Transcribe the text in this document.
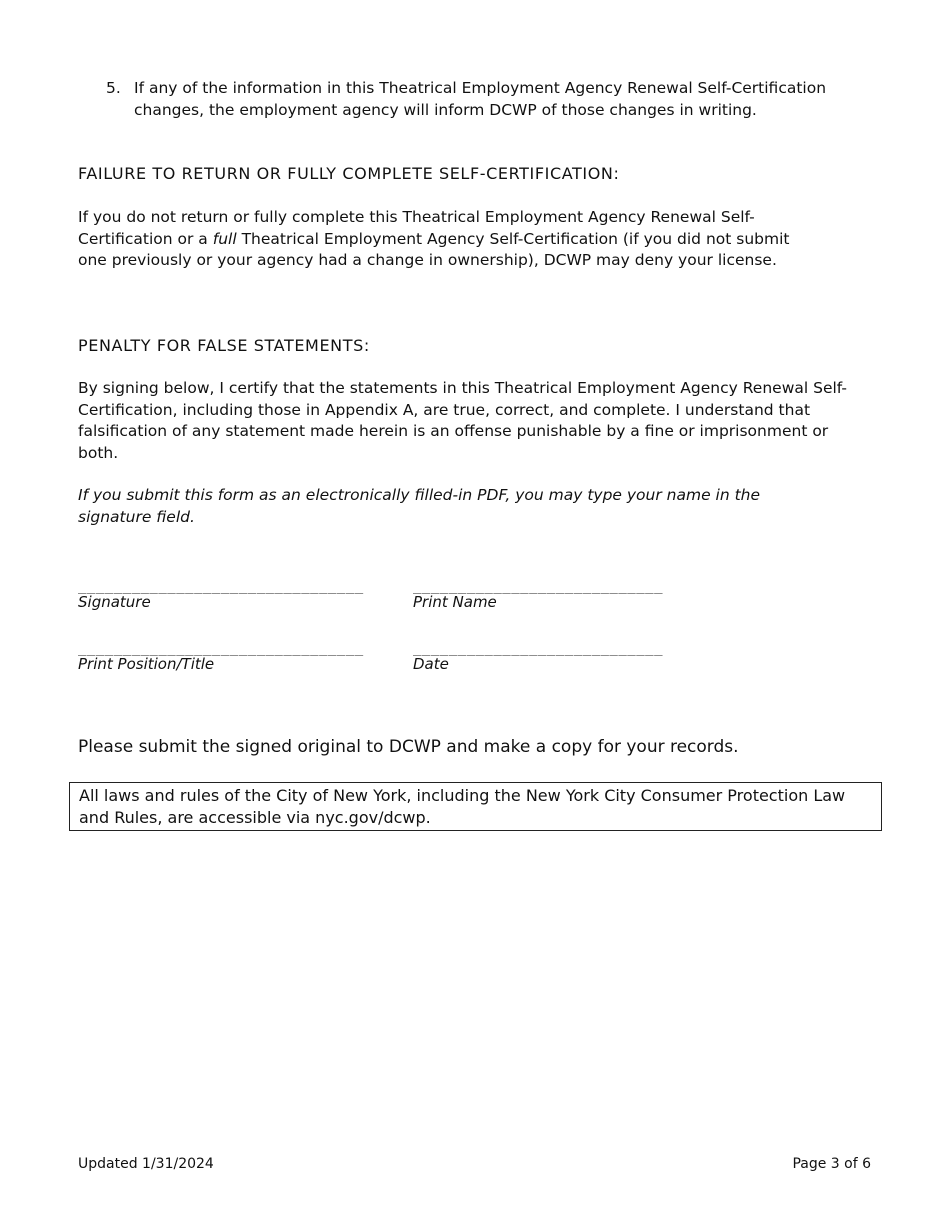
5. If any of the information in this Theatrical Employment Agency Renewal Self-Certification changes, the employment agency will inform DCWP of those changes in writing.
FAILURE TO RETURN OR FULLY COMPLETE SELF-CERTIFICATION:
If you do not return or fully complete this Theatrical Employment Agency Renewal Self-Certification or a full Theatrical Employment Agency Self-Certification (if you did not submit one previously or your agency had a change in ownership), DCWP may deny your license.
PENALTY FOR FALSE STATEMENTS:
By signing below, I certify that the statements in this Theatrical Employment Agency Renewal Self-Certification, including those in Appendix A, are true, correct, and complete. I understand that falsification of any statement made herein is an offense punishable by a fine or imprisonment or both.
If you submit this form as an electronically filled-in PDF, you may type your name in the signature field.
________________________________	____________________________
Signature	Print Name
________________________________	____________________________
Print Position/Title	Date
Please submit the signed original to DCWP and make a copy for your records.
All laws and rules of the City of New York, including the New York City Consumer Protection Law and Rules, are accessible via nyc.gov/dcwp.
Updated 1/31/2024	Page 3 of 6
